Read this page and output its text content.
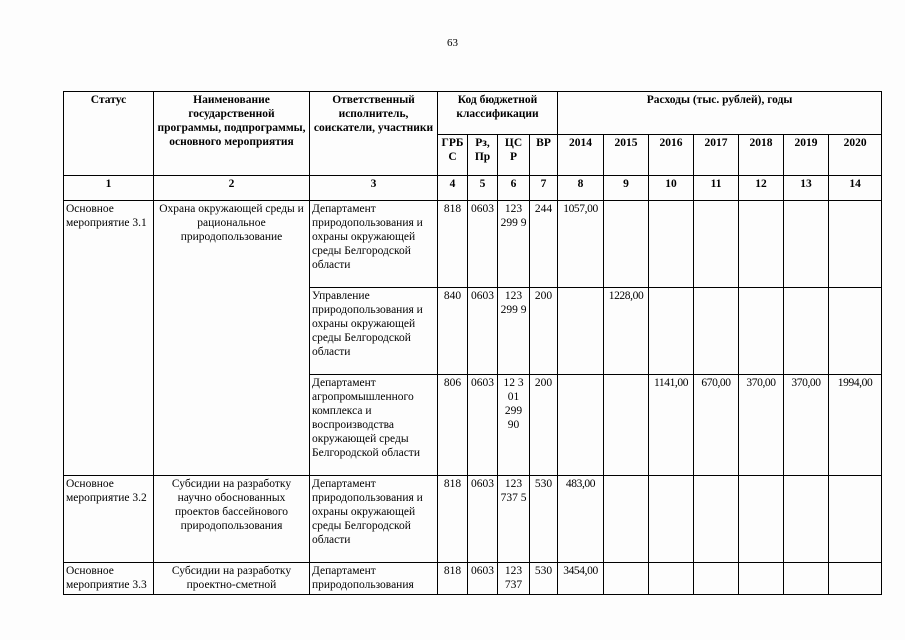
63
Статус	Наименование государственной программы, подпрограммы, основного мероприятия	Ответственный исполнитель, соискатели, участники	Код бюджетной классификации				Расходы (тыс. рублей), годы						
			ГРБ С	Рз, Пр	ЦС Р	ВР	2014	2015	2016	2017	2018	2019	2020
1	2	3	4	5	6	7	8	9	10	11	12	13	14
Основное мероприятие 3.1	Охрана окружающей среды и рациональное природопользование	Департамент природопользования и охраны окружающей среды Белгородской области	818	0603	123 299 9	244	1057,00						
		Управление природопользования и охраны окружающей среды Белгородской области	840	0603	123 299 9	200		1228,00					
		Департамент агропромышленного комплекса и воспроизводства окружающей среды Белгородской области	806	0603	12 3 01 299 90	200			1141,00	670,00	370,00	370,00	1994,00
Основное мероприятие 3.2	Субсидии на разработку научно обоснованных проектов бассейнового природопользования	Департамент природопользования и охраны окружающей среды Белгородской области	818	0603	123 737 5	530	483,00						
Основное мероприятие 3.3	Субсидии на разработку проектно-сметной	Департамент природопользования	818	0603	123 737	530	3454,00						
